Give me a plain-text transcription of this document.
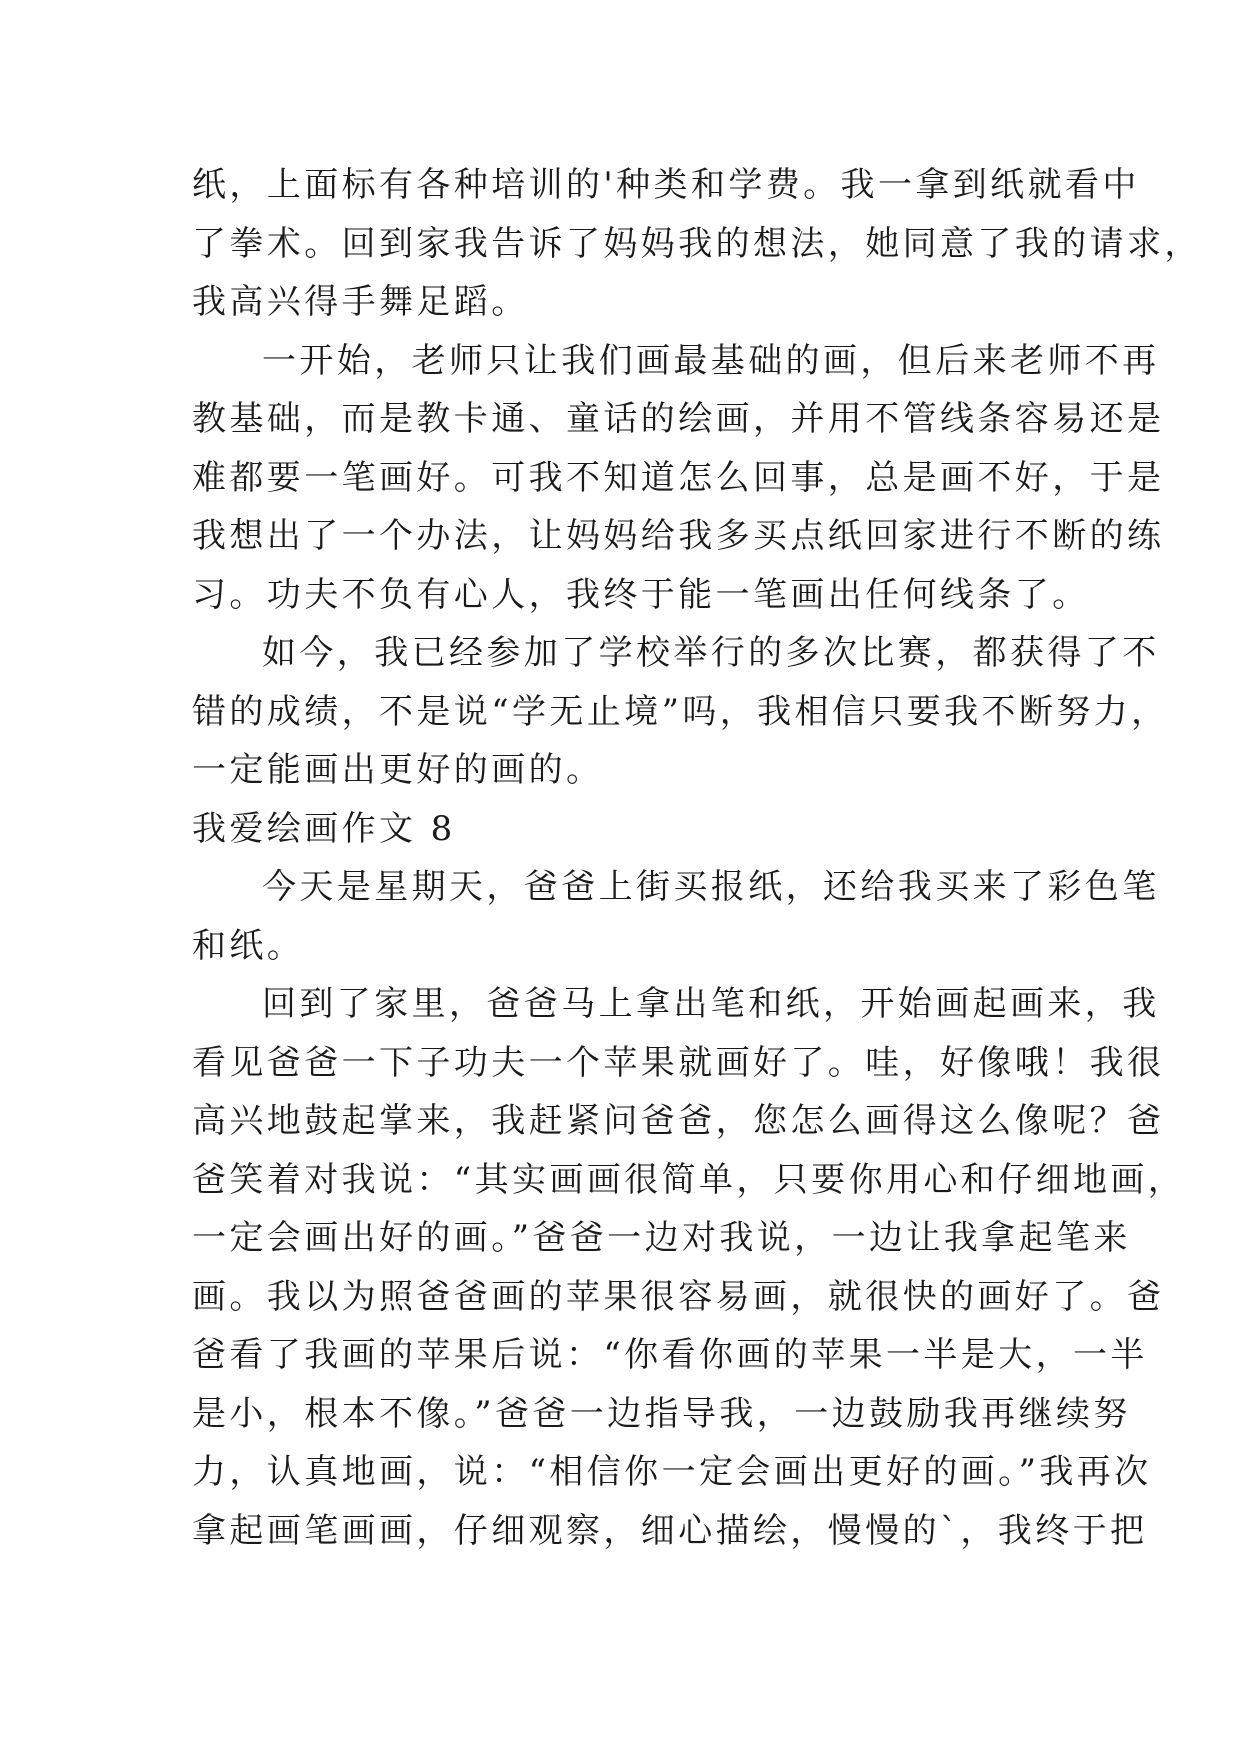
纸，上面标有各种培训的'种类和学费。我一拿到纸就看中
了拳术。回到家我告诉了妈妈我的想法，她同意了我的请求，
我高兴得手舞足蹈。
一开始，老师只让我们画最基础的画，但后来老师不再
教基础，而是教卡通、童话的绘画，并用不管线条容易还是
难都要一笔画好。可我不知道怎么回事，总是画不好，于是
我想出了一个办法，让妈妈给我多买点纸回家进行不断的练
习。功夫不负有心人，我终于能一笔画出任何线条了。
如今，我已经参加了学校举行的多次比赛，都获得了不
错的成绩，不是说“学无止境”吗，我相信只要我不断努力，
一定能画出更好的画的。
我爱绘画作文 8
今天是星期天，爸爸上街买报纸，还给我买来了彩色笔
和纸。
回到了家里，爸爸马上拿出笔和纸，开始画起画来，我
看见爸爸一下子功夫一个苹果就画好了。哇，好像哦！我很
高兴地鼓起掌来，我赶紧问爸爸，您怎么画得这么像呢？爸
爸笑着对我说：“其实画画很简单，只要你用心和仔细地画，
一定会画出好的画。”爸爸一边对我说，一边让我拿起笔来
画。我以为照爸爸画的苹果很容易画，就很快的画好了。爸
爸看了我画的苹果后说：“你看你画的苹果一半是大，一半
是小，根本不像。”爸爸一边指导我，一边鼓励我再继续努
力，认真地画，说：“相信你一定会画出更好的画。”我再次
拿起画笔画画，仔细观察，细心描绘，慢慢的`，我终于把
